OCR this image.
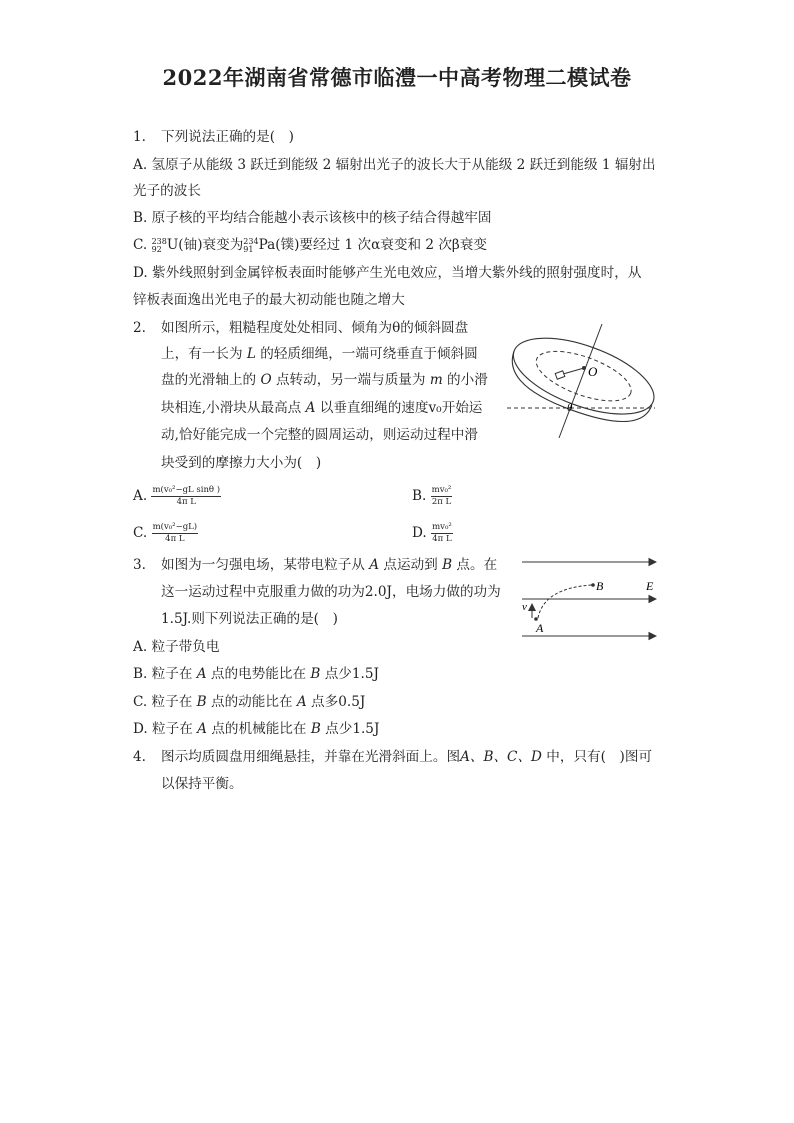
2022年湖南省常德市临澧一中高考物理二模试卷
1. 下列说法正确的是(　)
A. 氢原子从能级 3 跃迁到能级 2 辐射出光子的波长大于从能级 2 跃迁到能级 1 辐射出
光子的波长
B. 原子核的平均结合能越小表示该核中的核子结合得越牢固
C. 238
92 U(铀)衰变为 234
91 Pa(镤)要经过 1 次α衰变和 2 次β衰变
D. 紫外线照射到金属锌板表面时能够产生光电效应，当增大紫外线的照射强度时，从
锌板表面逸出光电子的最大初动能也随之增大
2. 如图所示，粗糙程度处处相同、倾角为θ的倾斜圆盘
上，有一长为 L 的轻质细绳，一端可绕垂直于倾斜圆
盘的光滑轴上的 O 点转动，另一端与质量为 m 的小滑
块相连,小滑块从最高点 A 以垂直细绳的速度v₀开始运
动,恰好能完成一个完整的圆周运动，则运动过程中滑
块受到的摩擦力大小为(　)
A. $\frac{\text{m(v₀²−gL sinθ )}}{\text{4π L}}$	B. $\frac{\text{mv₀²}}{\text{2π L}}$
C. $\frac{\text{m(v₀²−gL)}}{\text{4π L}}$	D. $\frac{\text{mv₀²}}{\text{4π L}}$
O
θ
3. 如图为一匀强电场，某带电粒子从 A 点运动到 B 点。在
这一运动过程中克服重力做的功为2.0J，电场力做的功为
1.5J.则下列说法正确的是(　)
A. 粒子带负电
B. 粒子在 A 点的电势能比在 B 点少1.5J
C. 粒子在 B 点的动能比在 A 点多0.5J
D. 粒子在 A 点的机械能比在 B 点少1.5J
B	E
v
A
4. 图示均质圆盘用细绳悬挂，并靠在光滑斜面上。图A、B、C、D 中，只有(　)图可
以保持平衡。
